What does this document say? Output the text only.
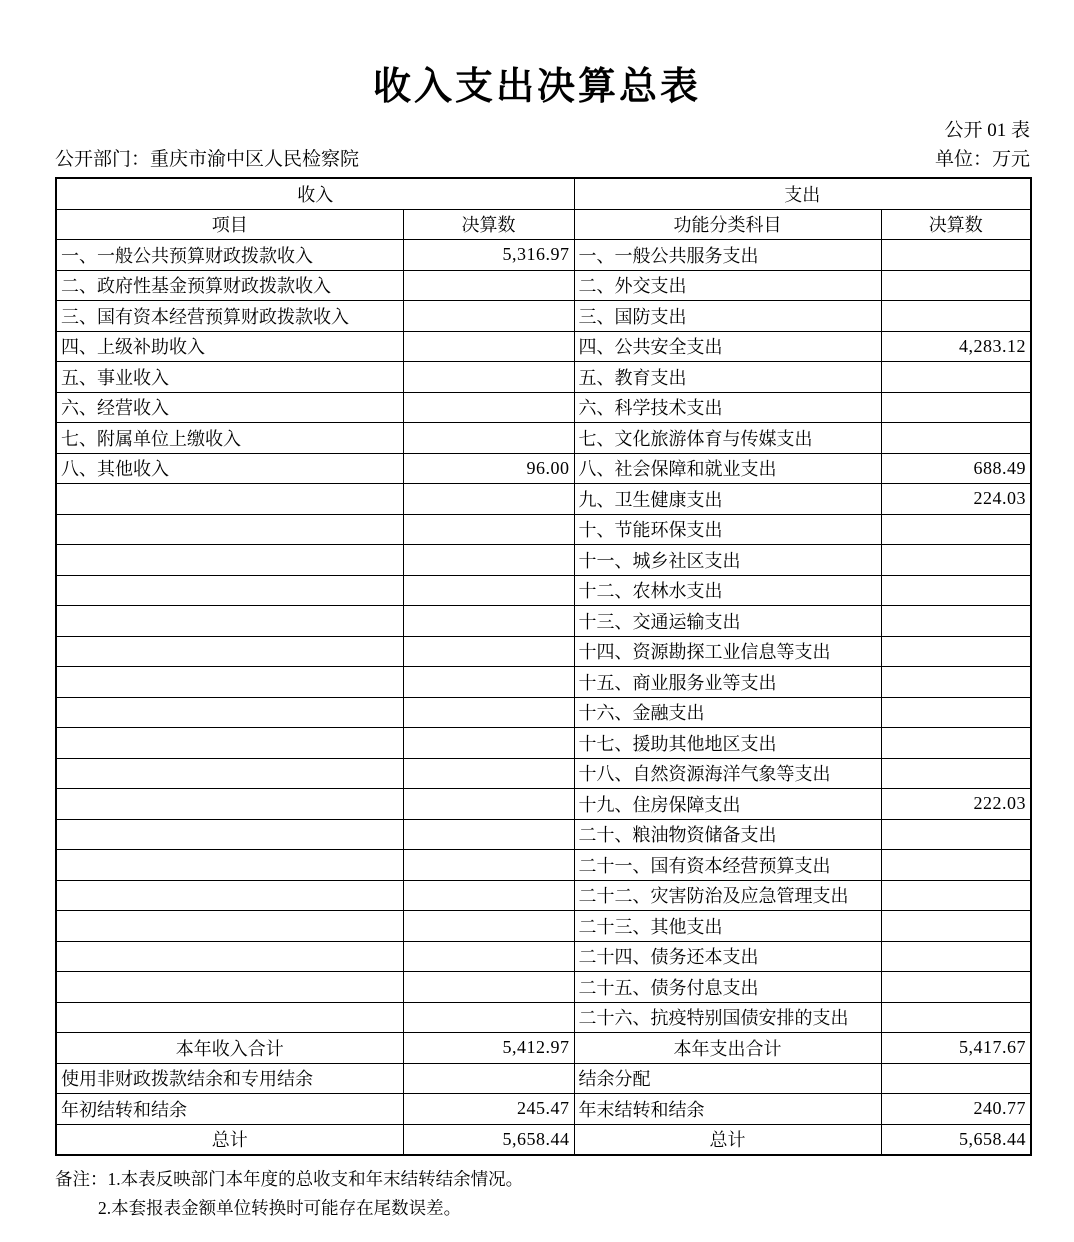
收入支出决算总表
公开 01 表
公开部门：重庆市渝中区人民检察院	单位：万元
收入		支出	
项目	决算数	功能分类科目	决算数
一、一般公共预算财政拨款收入	5,316.97	一、一般公共服务支出	
二、政府性基金预算财政拨款收入		二、外交支出	
三、国有资本经营预算财政拨款收入		三、国防支出	
四、上级补助收入		四、公共安全支出	4,283.12
五、事业收入		五、教育支出	
六、经营收入		六、科学技术支出	
七、附属单位上缴收入		七、文化旅游体育与传媒支出	
八、其他收入	96.00	八、社会保障和就业支出	688.49
		九、卫生健康支出	224.03
		十、节能环保支出	
		十一、城乡社区支出	
		十二、农林水支出	
		十三、交通运输支出	
		十四、资源勘探工业信息等支出	
		十五、商业服务业等支出	
		十六、金融支出	
		十七、援助其他地区支出	
		十八、自然资源海洋气象等支出	
		十九、住房保障支出	222.03
		二十、粮油物资储备支出	
		二十一、国有资本经营预算支出	
		二十二、灾害防治及应急管理支出	
		二十三、其他支出	
		二十四、债务还本支出	
		二十五、债务付息支出	
		二十六、抗疫特别国债安排的支出	
本年收入合计	5,412.97	本年支出合计	5,417.67
使用非财政拨款结余和专用结余		结余分配	
年初结转和结余	245.47	年末结转和结余	240.77
总计	5,658.44	总计	5,658.44
备注：1.本表反映部门本年度的总收支和年末结转结余情况。
2.本套报表金额单位转换时可能存在尾数误差。
